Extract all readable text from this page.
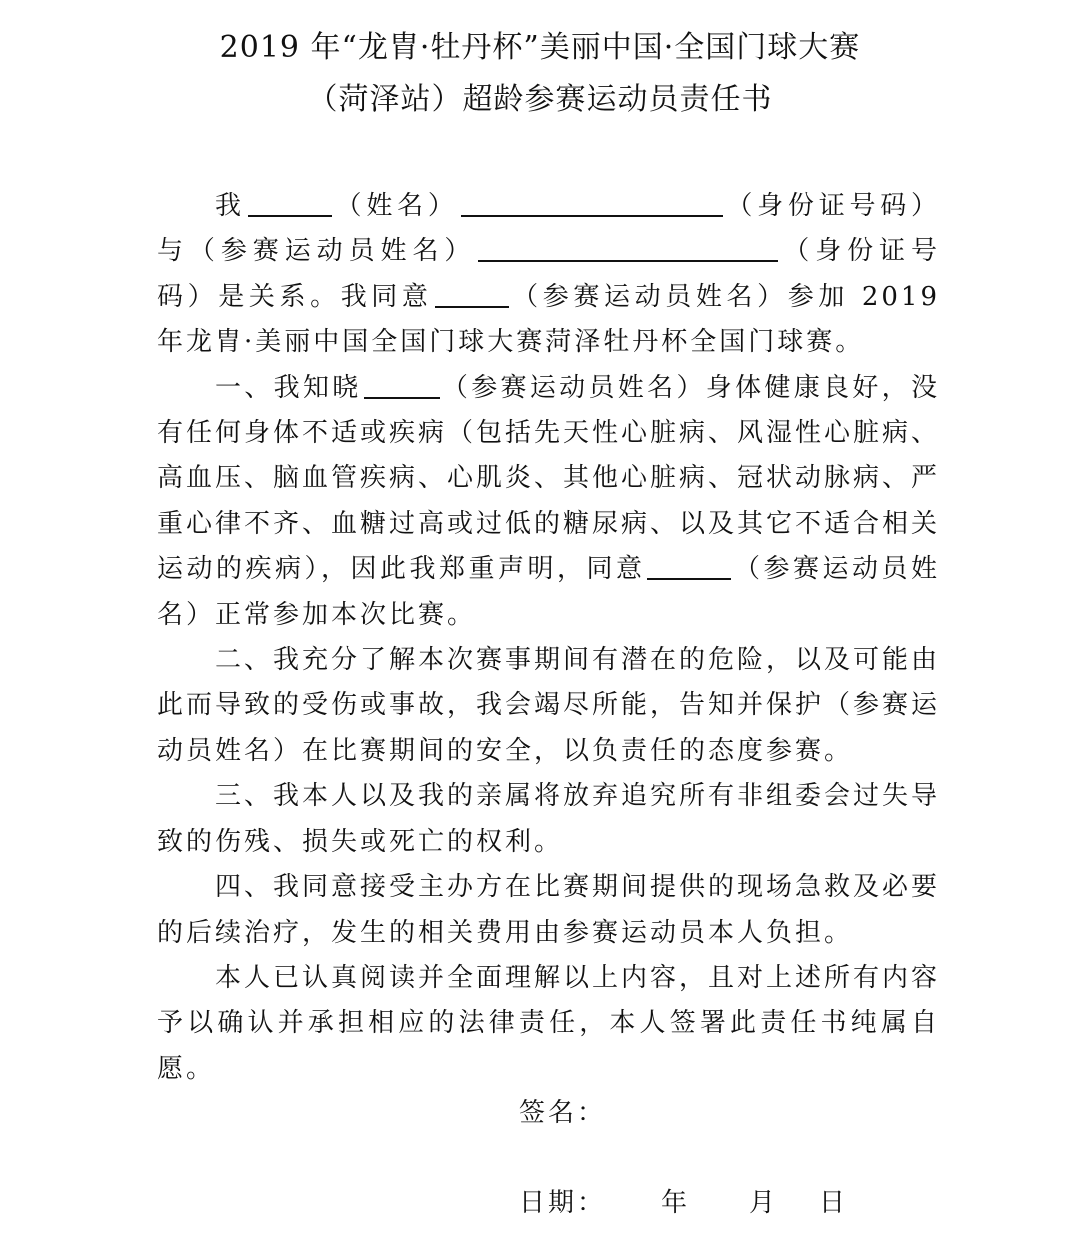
2019 年“龙胄·牡丹杯”美丽中国·全国门球大赛
（菏泽站）超龄参赛运动员责任书

我	（姓名）	（身份证号码）与（参赛运动员姓名）	（身份证号码）是关系。我同意	（参赛运动员姓名）参加 2019 年龙胄·美丽中国全国门球大赛菏泽牡丹杯全国门球赛。

一、我知晓	（参赛运动员姓名）身体健康良好，没有任何身体不适或疾病（包括先天性心脏病、风湿性心脏病、高血压、脑血管疾病、心肌炎、其他心脏病、冠状动脉病、严重心律不齐、血糖过高或过低的糖尿病、以及其它不适合相关运动的疾病），因此我郑重声明，同意	（参赛运动员姓名）正常参加本次比赛。

二、我充分了解本次赛事期间有潜在的危险，以及可能由此而导致的受伤或事故，我会竭尽所能，告知并保护（参赛运动员姓名）在比赛期间的安全，以负责任的态度参赛。

三、我本人以及我的亲属将放弃追究所有非组委会过失导致的伤残、损失或死亡的权利。

四、我同意接受主办方在比赛期间提供的现场急救及必要的后续治疗，发生的相关费用由参赛运动员本人负担。

本人已认真阅读并全面理解以上内容，且对上述所有内容予以确认并承担相应的法律责任，本人签署此责任书纯属自愿。

签名：
日期： 年 月 日
